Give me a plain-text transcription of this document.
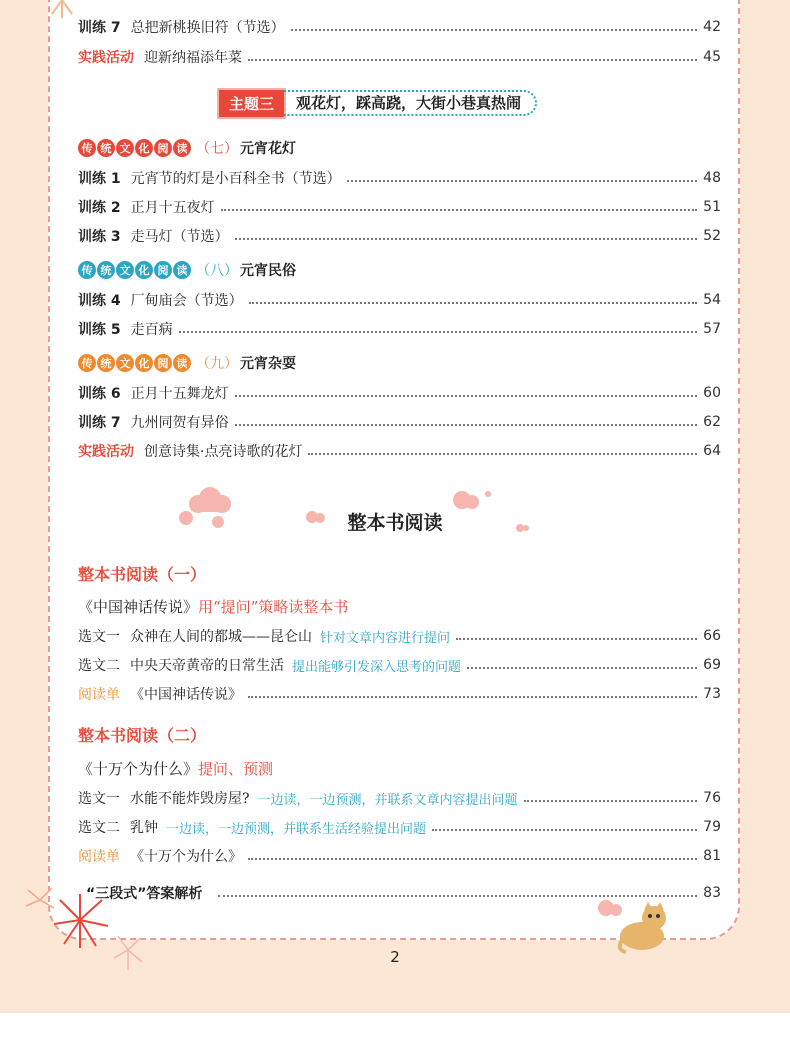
训练 7 总把新桃换旧符（节选）	42
实践活动 迎新纳福添年菜	45
主题三	观花灯，踩高跷，大街小巷真热闹
传 统 文 化 阅 读 （七） 元宵花灯
训练 1 元宵节的灯是小百科全书（节选）	48
训练 2 正月十五夜灯	51
训练 3 走马灯（节选）	52
传 统 文 化 阅 读 （八） 元宵民俗
训练 4 厂甸庙会（节选）	54
训练 5 走百病	57
传 统 文 化 阅 读 （九） 元宵杂耍
训练 6 正月十五舞龙灯	60
训练 7 九州同贺有异俗	62
实践活动 创意诗集·点亮诗歌的花灯	64
整本书阅读
整本书阅读（一）
《中国神话传说》用“提问”策略读整本书
选文一 众神在人间的都城——昆仑山 针对文章内容进行提问	66
选文二 中央天帝黄帝的日常生活 提出能够引发深入思考的问题	69
阅读单 《中国神话传说》	73
整本书阅读（二）
《十万个为什么》提问、预测
选文一 水能不能炸毁房屋? 一边读，一边预测，并联系文章内容提出问题	76
选文二 乳钟 一边读，一边预测，并联系生活经验提出问题	79
阅读单 《十万个为什么》	81
“三段式”答案解析	83
2
